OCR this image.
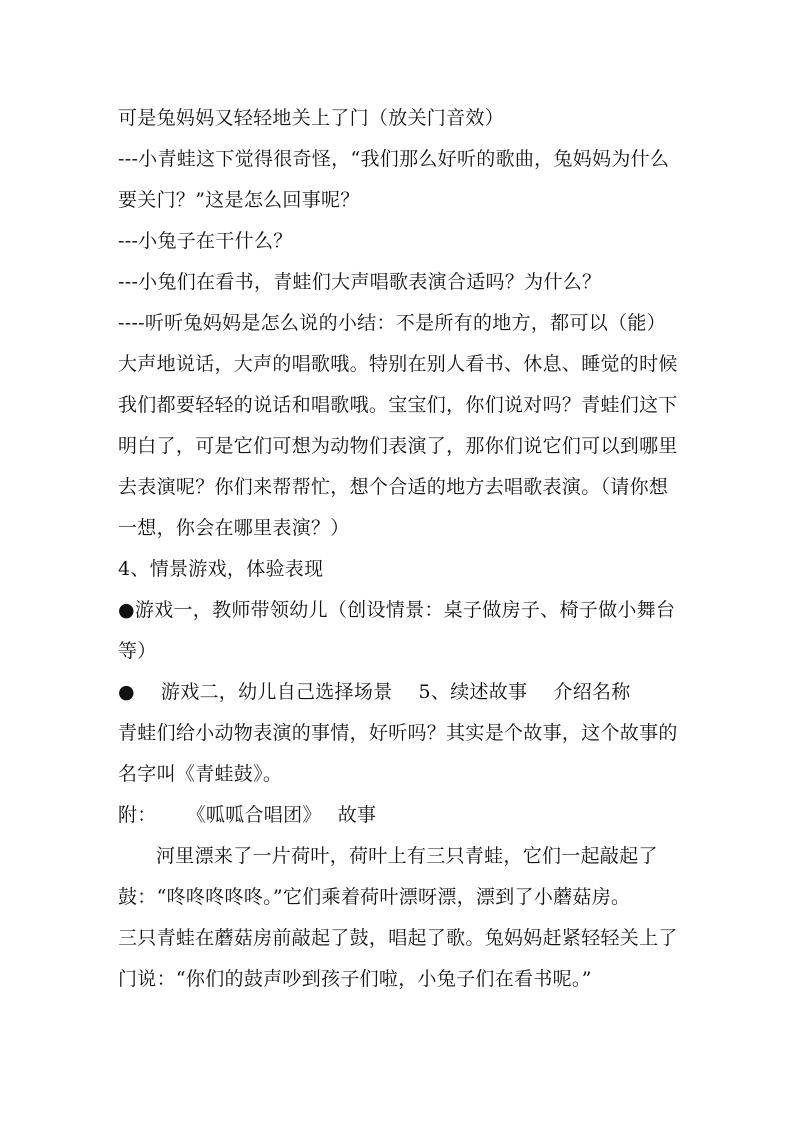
可是兔妈妈又轻轻地关上了门（放关门音效）
---小青蛙这下觉得很奇怪，“我们那么好听的歌曲，兔妈妈为什么
要关门？”这是怎么回事呢？
---小兔子在干什么？
---小兔们在看书，青蛙们大声唱歌表演合适吗？为什么？
----听听兔妈妈是怎么说的小结：不是所有的地方，都可以（能）
大声地说话，大声的唱歌哦。特别在别人看书、休息、睡觉的时候
我们都要轻轻的说话和唱歌哦。宝宝们，你们说对吗？青蛙们这下
明白了，可是它们可想为动物们表演了，那你们说它们可以到哪里
去表演呢？你们来帮帮忙，想个合适的地方去唱歌表演。（请你想
一想，你会在哪里表演？）
4、情景游戏，体验表现
●游戏一，教师带领幼儿（创设情景：桌子做房子、椅子做小舞台
等）
● 游戏二，幼儿自己选择场景 5、续述故事 介绍名称
青蛙们给小动物表演的事情，好听吗？其实是个故事，这个故事的
名字叫《青蛙鼓》。
附： 《呱呱合唱团》 故事
河里漂来了一片荷叶，荷叶上有三只青蛙，它们一起敲起了
鼓：“咚咚咚咚咚。”它们乘着荷叶漂呀漂，漂到了小蘑菇房。
三只青蛙在蘑菇房前敲起了鼓，唱起了歌。兔妈妈赶紧轻轻关上了
门说：“你们的鼓声吵到孩子们啦，小兔子们在看书呢。”
